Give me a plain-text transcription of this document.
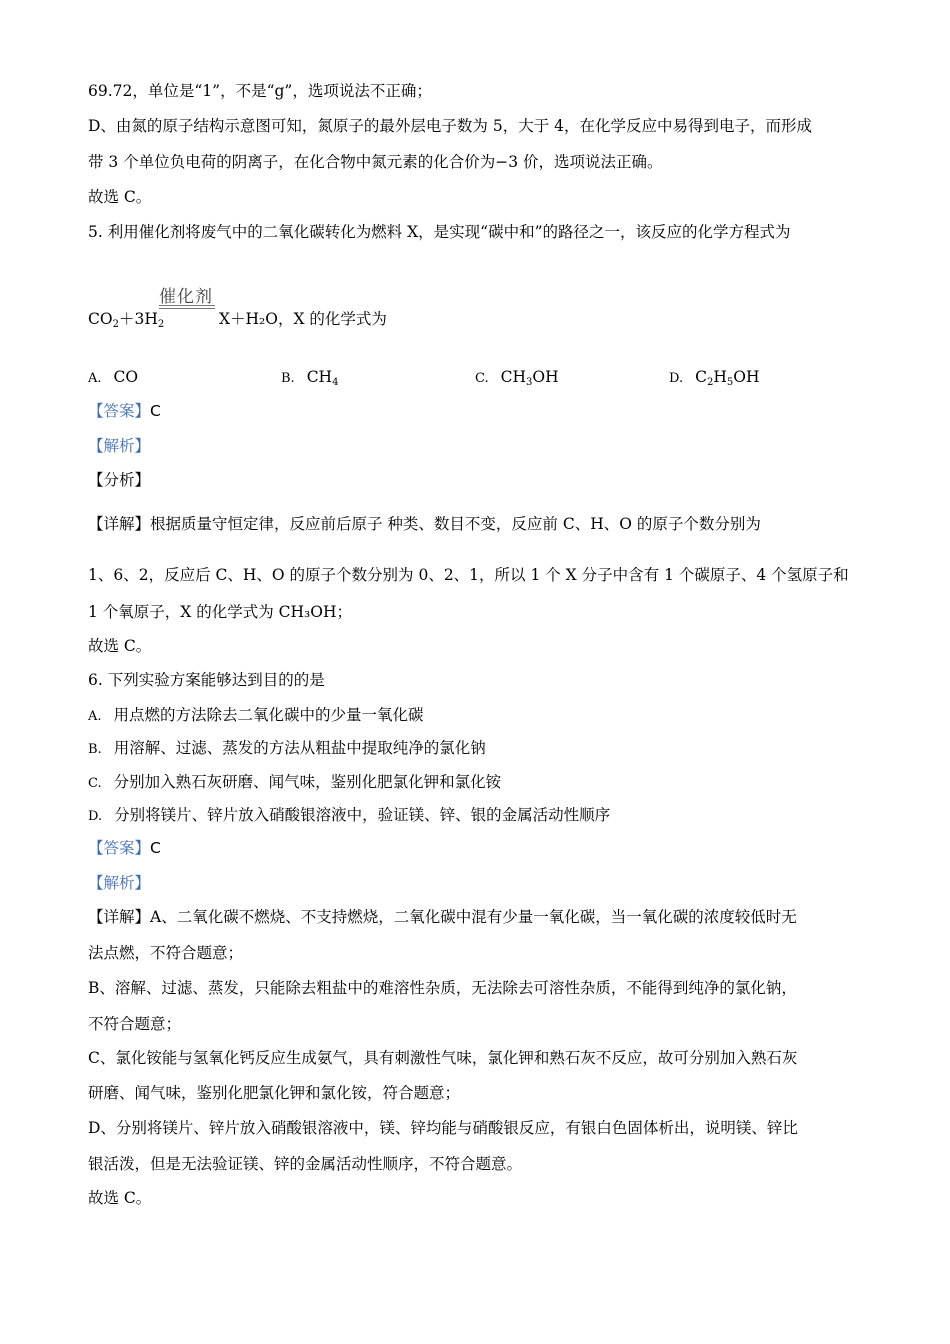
69.72，单位是“1”，不是“g”，选项说法不正确；
D、由氮的原子结构示意图可知，氮原子的最外层电子数为 5，大于 4，在化学反应中易得到电子，而形成
带 3 个单位负电荷的阴离子，在化合物中氮元素的化合价为−3 价，选项说法正确。
故选 C。
5. 利用催化剂将废气中的二氧化碳转化为燃料 X，是实现“碳中和”的路径之一，该反应的化学方程式为
催化剂
$CO_2+3H_2$	X＋H₂O，X 的化学式为
A. CO	B. $CH_4$	C. $CH_3OH$	D. $C_2H_5OH$
【答案】C
【解析】
【分析】
【详解】根据质量守恒定律，反应前后原子 种类、数目不变，反应前 C、H、O 的原子个数分别为
1、6、2，反应后 C、H、O 的原子个数分别为 0、2、1，所以 1 个 X 分子中含有 1 个碳原子、4 个氢原子和
1 个氧原子，X 的化学式为 CH₃OH；
故选 C。
6. 下列实验方案能够达到目的的是
A. 用点燃的方法除去二氧化碳中的少量一氧化碳
B. 用溶解、过滤、蒸发的方法从粗盐中提取纯净的氯化钠
C. 分别加入熟石灰研磨、闻气味，鉴别化肥氯化钾和氯化铵
D. 分别将镁片、锌片放入硝酸银溶液中，验证镁、锌、银的金属活动性顺序
【答案】C
【解析】
【详解】A、二氧化碳不燃烧、不支持燃烧，二氧化碳中混有少量一氧化碳，当一氧化碳的浓度较低时无
法点燃，不符合题意；
B、溶解、过滤、蒸发，只能除去粗盐中的难溶性杂质，无法除去可溶性杂质，不能得到纯净的氯化钠，
不符合题意；
C、氯化铵能与氢氧化钙反应生成氨气，具有刺激性气味，氯化钾和熟石灰不反应，故可分别加入熟石灰
研磨、闻气味，鉴别化肥氯化钾和氯化铵，符合题意；
D、分别将镁片、锌片放入硝酸银溶液中，镁、锌均能与硝酸银反应，有银白色固体析出，说明镁、锌比
银活泼，但是无法验证镁、锌的金属活动性顺序，不符合题意。
故选 C。
